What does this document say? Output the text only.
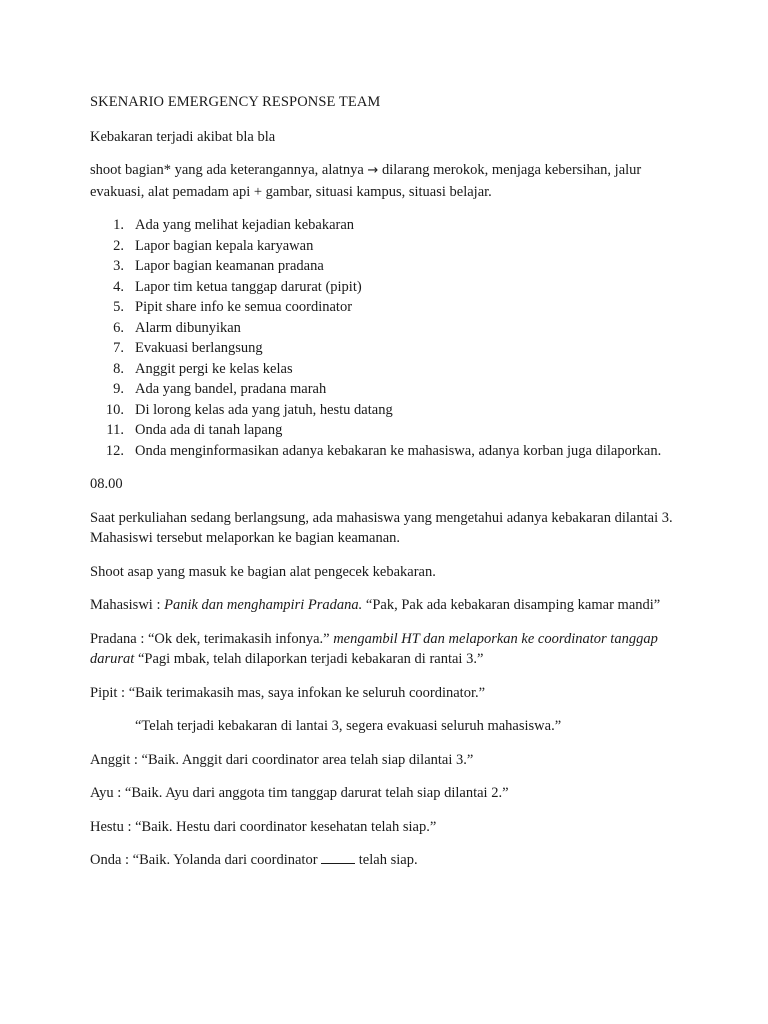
SKENARIO EMERGENCY RESPONSE TEAM

Kebakaran terjadi akibat bla bla

shoot bagian* yang ada keterangannya, alatnya → dilarang merokok, menjaga kebersihan, jalur evakuasi, alat pemadam api + gambar, situasi kampus, situasi belajar.

1. Ada yang melihat kejadian kebakaran
2. Lapor bagian kepala karyawan
3. Lapor bagian keamanan pradana
4. Lapor tim ketua tanggap darurat (pipit)
5. Pipit share info ke semua coordinator
6. Alarm dibunyikan
7. Evakuasi berlangsung
8. Anggit pergi ke kelas kelas
9. Ada yang bandel, pradana marah
10. Di lorong kelas ada yang jatuh, hestu datang
11. Onda ada di tanah lapang
12. Onda menginformasikan adanya kebakaran ke mahasiswa, adanya korban juga dilaporkan.

08.00

Saat perkuliahan sedang berlangsung, ada mahasiswa yang mengetahui adanya kebakaran dilantai 3. Mahasiswi tersebut melaporkan ke bagian keamanan.

Shoot asap yang masuk ke bagian alat pengecek kebakaran.

Mahasiswi : Panik dan menghampiri Pradana. “Pak, Pak ada kebakaran disamping kamar mandi”

Pradana : “Ok dek, terimakasih infonya.” mengambil HT dan melaporkan ke coordinator tanggap darurat “Pagi mbak, telah dilaporkan terjadi kebakaran di rantai 3.”

Pipit : “Baik terimakasih mas, saya infokan ke seluruh coordinator.”

“Telah terjadi kebakaran di lantai 3, segera evakuasi seluruh mahasiswa.”

Anggit : “Baik. Anggit dari coordinator area telah siap dilantai 3.”

Ayu : “Baik. Ayu dari anggota tim tanggap darurat telah siap dilantai 2.”

Hestu : “Baik. Hestu dari coordinator kesehatan telah siap.”

Onda : “Baik. Yolanda dari coordinator  telah siap.
